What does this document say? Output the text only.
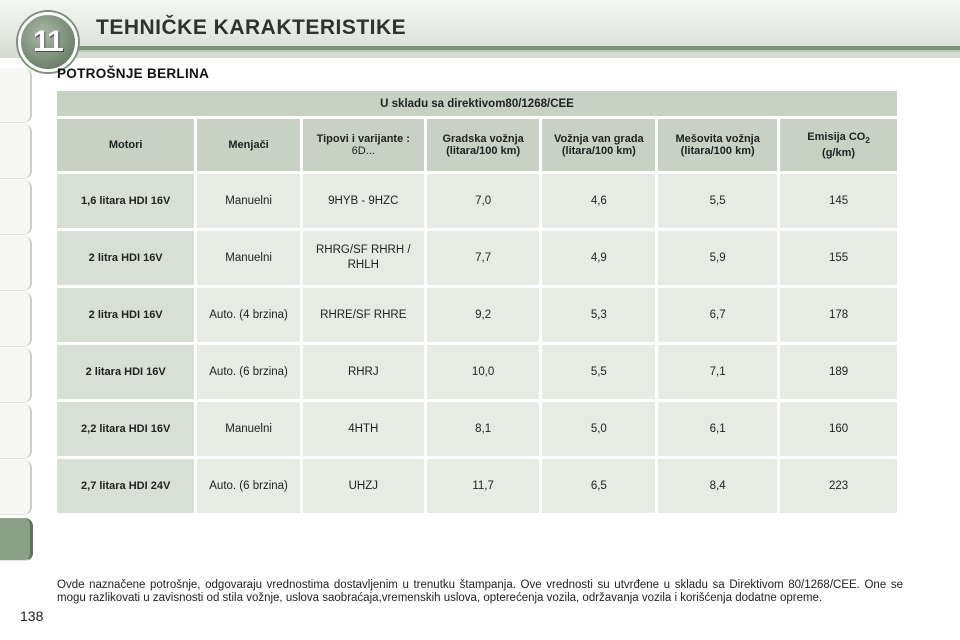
11 TEHNIČKE KARAKTERISTIKE
POTROŠNJE BERLINA
U skladu sa direktivom80/1268/CEE						
Motori	Menjači	Tipovi i varijante : 6D...	Gradska vožnja (litara/100 km)	Vožnja van grada (litara/100 km)	Mešovita vožnja (litara/100 km)	Emisija $CO_2$
(g/km)
1,6 litara HDI 16V	Manuelni	9HYB - 9HZC	7,0	4,6	5,5	145
2 litra HDI 16V	Manuelni	RHRG/SF RHRH / RHLH	7,7	4,9	5,9	155
2 litra HDI 16V	Auto. (4 brzina)	RHRE/SF RHRE	9,2	5,3	6,7	178
2 litara HDI 16V	Auto. (6 brzina)	RHRJ	10,0	5,5	7,1	189
2,2 litara HDI 16V	Manuelni	4HTH	8,1	5,0	6,1	160
2,7 litara HDI 24V	Auto. (6 brzina)	UHZJ	11,7	6,5	8,4	223
Ovde naznačene potrošnje, odgovaraju vrednostima dostavljenim u trenutku štampanja. Ove vrednosti su utvrđene u skladu sa Direktivom 80/1268/CEE. One se mogu razlikovati u zavisnosti od stila vožnje, uslova saobraćaja,vremenskih uslova, opterećenja vozila, održavanja vozila i korišćenja dodatne opreme.
138
